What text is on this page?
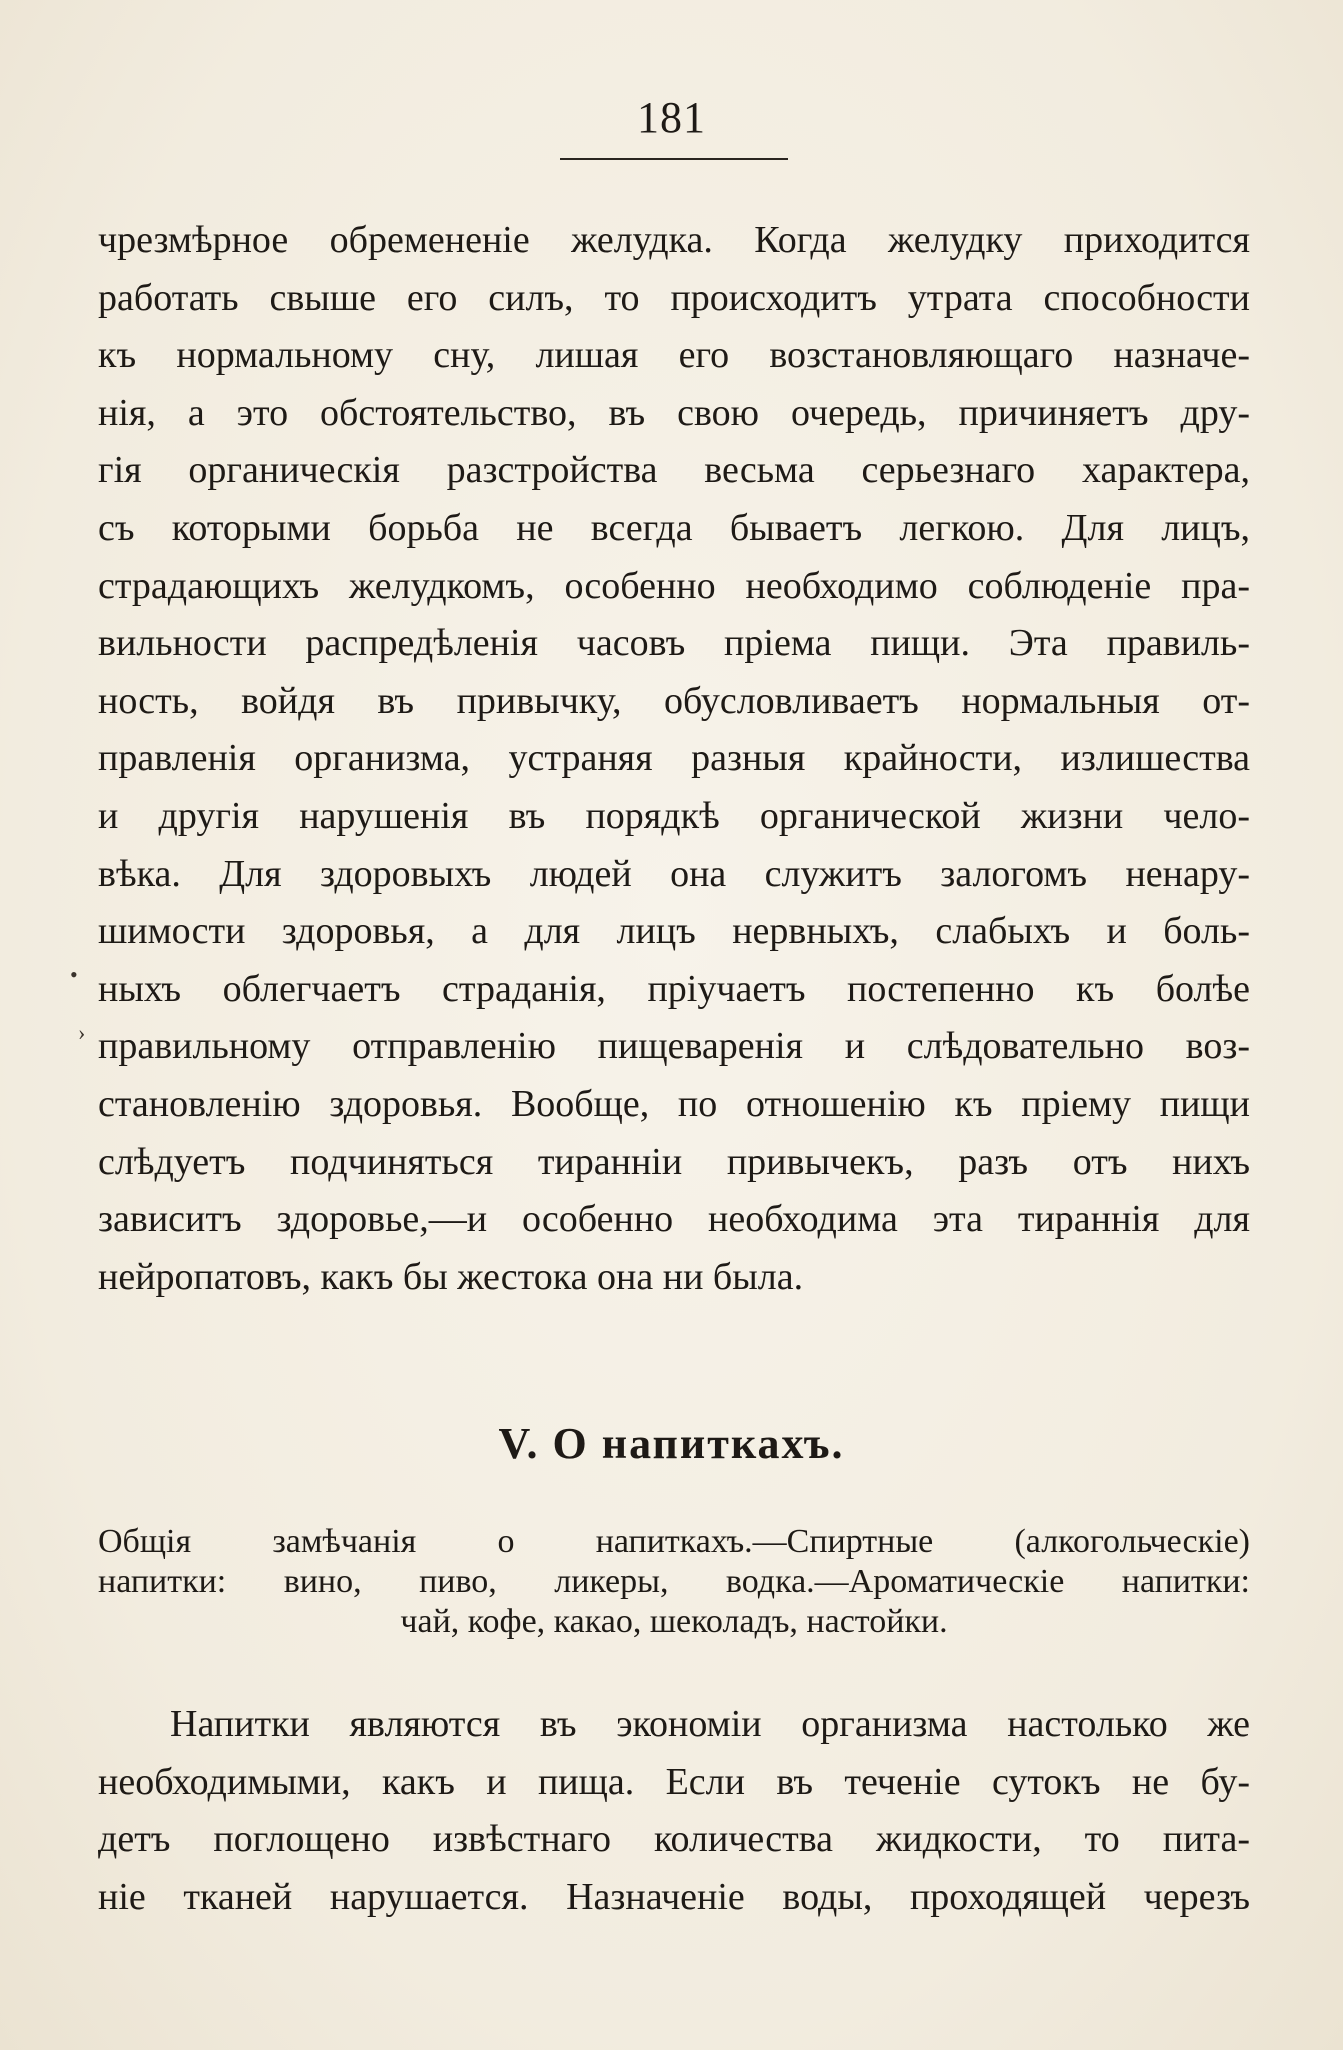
181
чрезмѣрное обремененіе желудка. Когда желудку приходится
работать свыше его силъ, то происходитъ утрата способности
къ нормальному сну, лишая его возстановляющаго назначе-
нія, а это обстоятельство, въ свою очередь, причиняетъ дру-
гія органическія разстройства весьма серьезнаго характера,
съ которыми борьба не всегда бываетъ легкою. Для лицъ,
страдающихъ желудкомъ, особенно необходимо соблюденіе пра-
вильности распредѣленія часовъ пріема пищи. Эта правиль-
ность, войдя въ привычку, обусловливаетъ нормальныя от-
правленія организма, устраняя разныя крайности, излишества
и другія нарушенія въ порядкѣ органической жизни чело-
вѣка. Для здоровыхъ людей она служитъ залогомъ ненару-
шимости здоровья, а для лицъ нервныхъ, слабыхъ и боль-
ныхъ облегчаетъ страданія, пріучаетъ постепенно къ болѣе
правильному отправленію пищеваренія и слѣдовательно воз-
становленію здоровья. Вообще, по отношенію къ пріему пищи
слѣдуетъ подчиняться тиранніи привычекъ, разъ отъ нихъ
зависитъ здоровье,—и особенно необходима эта тираннія для
нейропатовъ, какъ бы жестока она ни была.
•
›
V. О напиткахъ.
Общія замѣчанія о напиткахъ.—Спиртные (алкогольческіе)
напитки: вино, пиво, ликеры, водка.—Ароматическіе напитки:
чай, кофе, какао, шеколадъ, настойки.
Напитки являются въ экономіи организма настолько же
необходимыми, какъ и пища. Если въ теченіе сутокъ не бу-
детъ поглощено извѣстнаго количества жидкости, то пита-
ніе тканей нарушается. Назначеніе воды, проходящей черезъ
